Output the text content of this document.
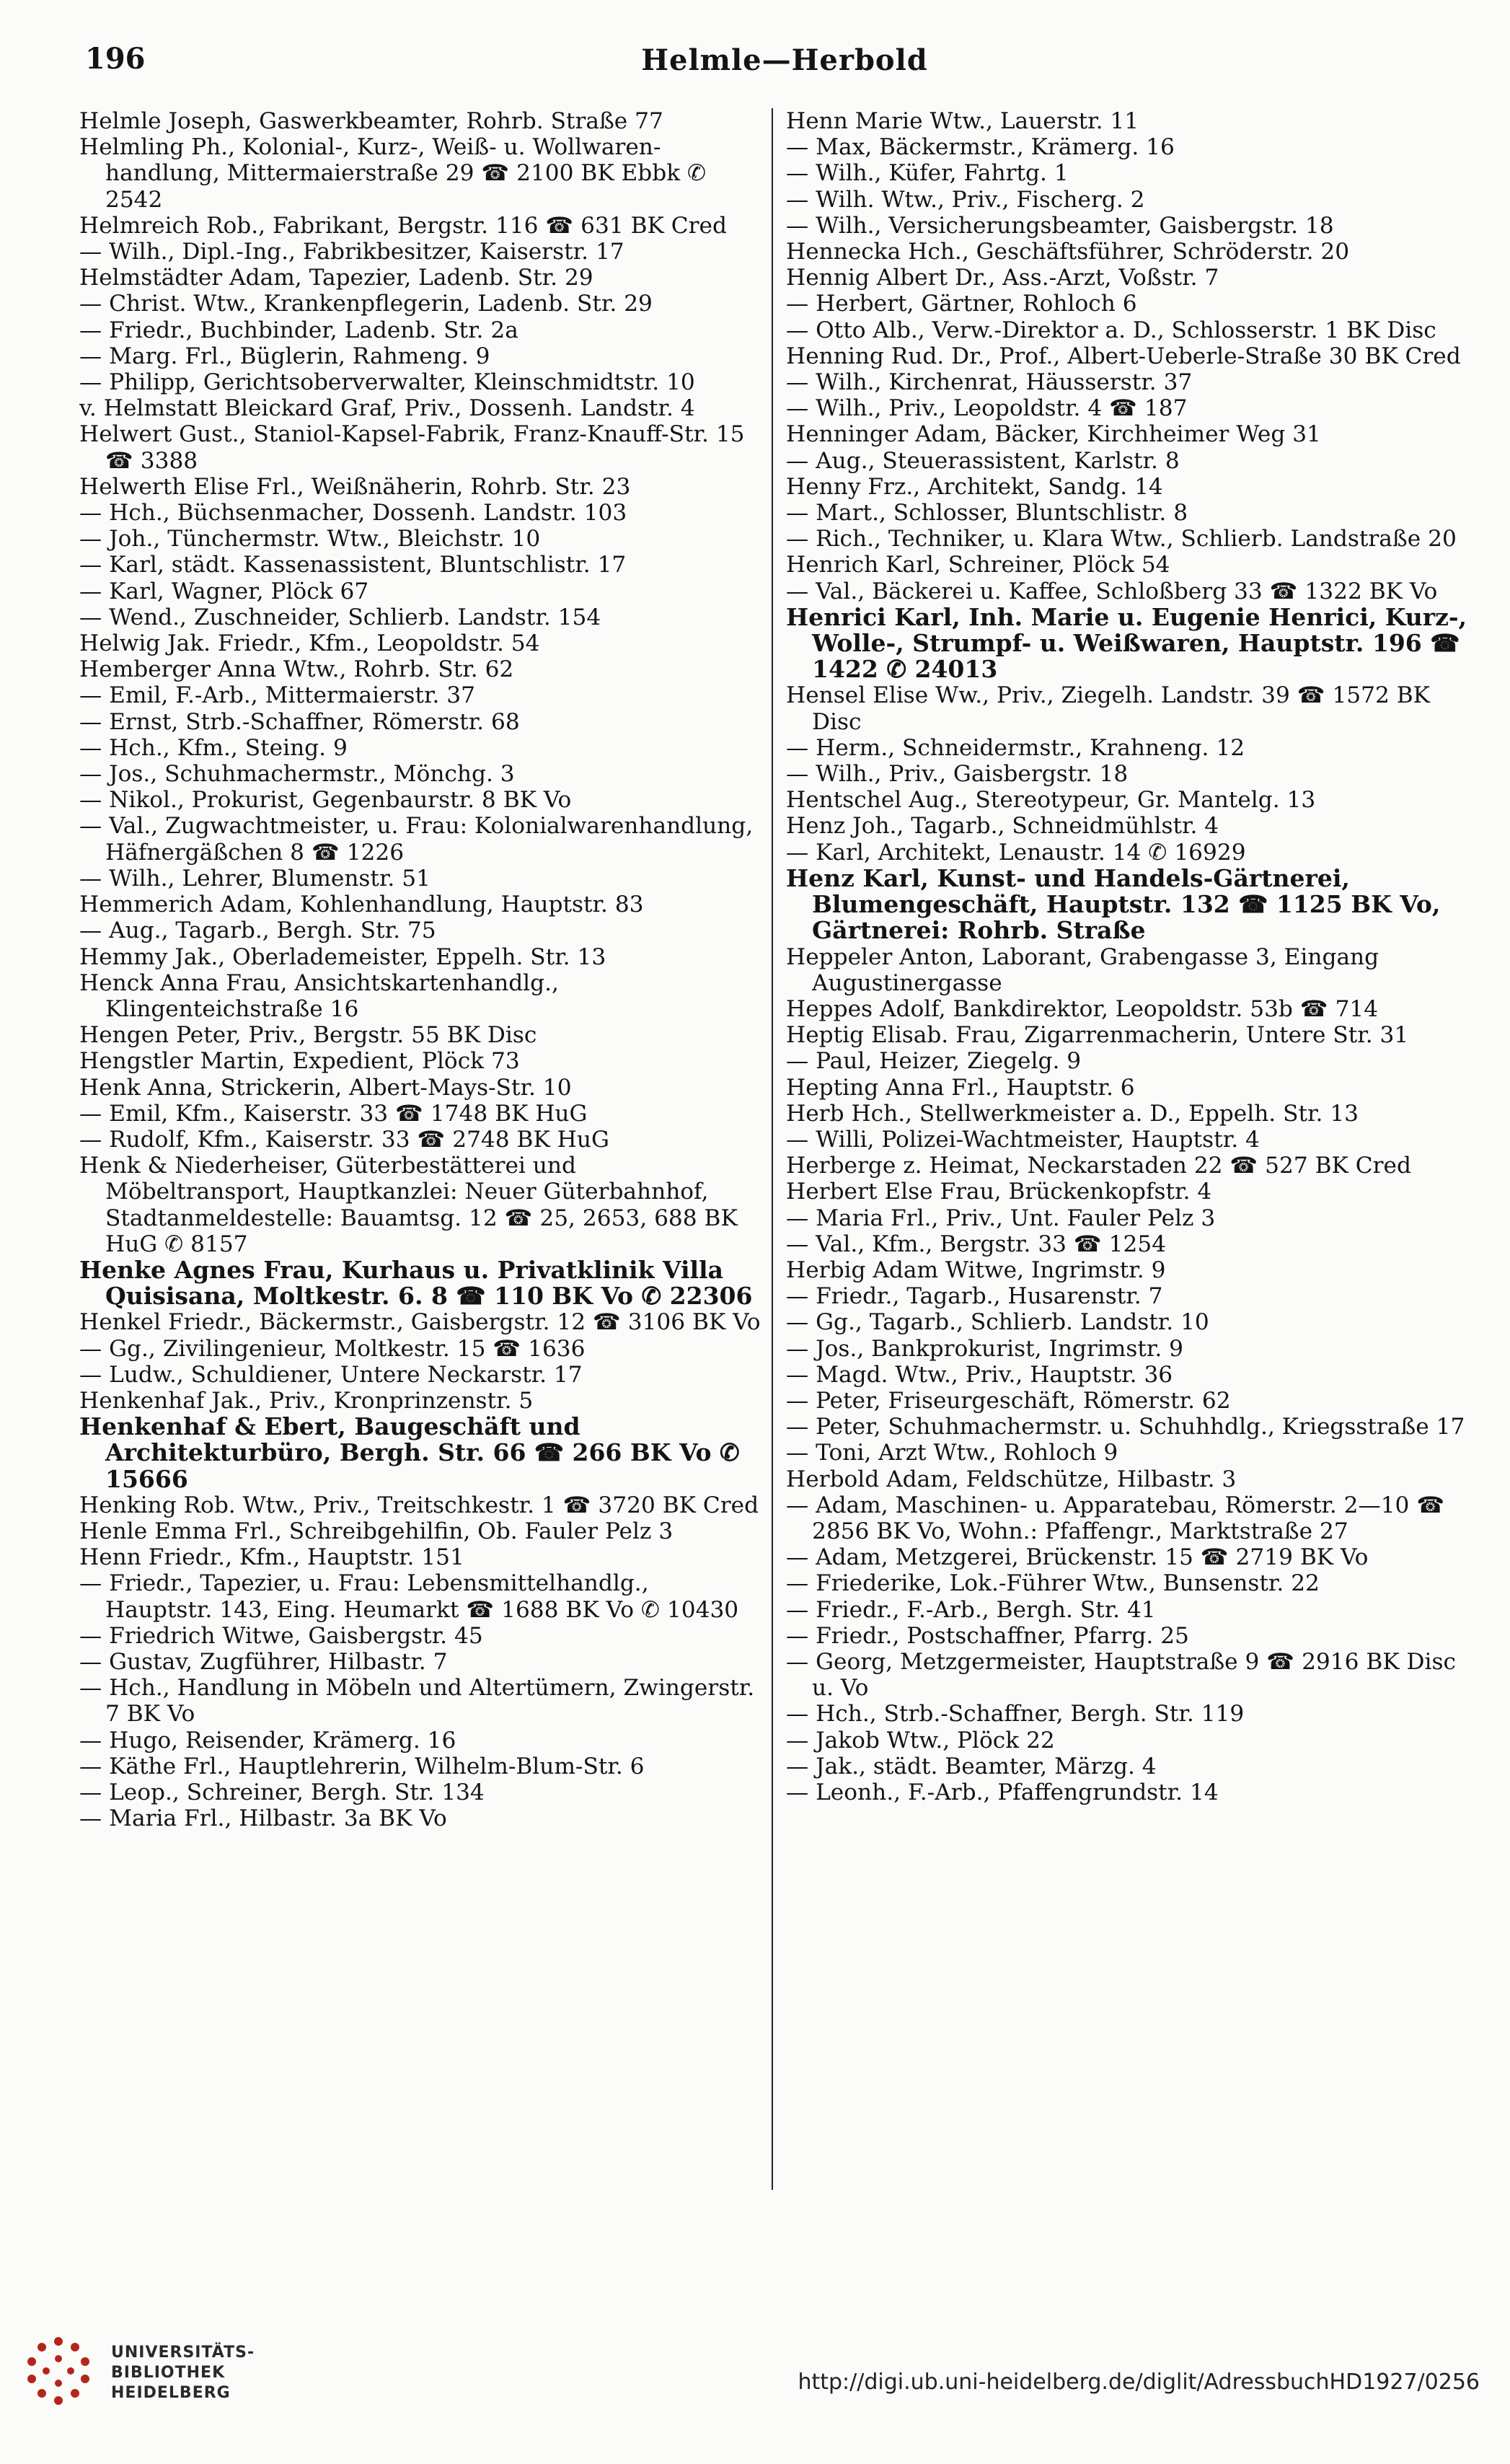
196	Helmle—Herbold
Helmle Joseph, Gaswerkbeamter, Rohrb. Straße 77
Helmling Ph., Kolonial-, Kurz-, Weiß- u. Wollwaren-handlung, Mittermaierstraße 29 ☎ 2100 BK Ebbk ✆ 2542
Helmreich Rob., Fabrikant, Bergstr. 116 ☎ 631 BK Cred
— Wilh., Dipl.-Ing., Fabrikbesitzer, Kaiserstr. 17
Helmstädter Adam, Tapezier, Ladenb. Str. 29
— Christ. Wtw., Krankenpflegerin, Ladenb. Str. 29
— Friedr., Buchbinder, Ladenb. Str. 2a
— Marg. Frl., Büglerin, Rahmeng. 9
— Philipp, Gerichtsoberverwalter, Kleinschmidtstr. 10
v. Helmstatt Bleickard Graf, Priv., Dossenh. Landstr. 4
Helwert Gust., Staniol-Kapsel-Fabrik, Franz-Knauff-Str. 15 ☎ 3388
Helwerth Elise Frl., Weißnäherin, Rohrb. Str. 23
— Hch., Büchsenmacher, Dossenh. Landstr. 103
— Joh., Tünchermstr. Wtw., Bleichstr. 10
— Karl, städt. Kassenassistent, Bluntschlistr. 17
— Karl, Wagner, Plöck 67
— Wend., Zuschneider, Schlierb. Landstr. 154
Helwig Jak. Friedr., Kfm., Leopoldstr. 54
Hemberger Anna Wtw., Rohrb. Str. 62
— Emil, F.-Arb., Mittermaierstr. 37
— Ernst, Strb.-Schaffner, Römerstr. 68
— Hch., Kfm., Steing. 9
— Jos., Schuhmachermstr., Mönchg. 3
— Nikol., Prokurist, Gegenbaurstr. 8 BK Vo
— Val., Zugwachtmeister, u. Frau: Kolonialwarenhandlung, Häfnergäßchen 8 ☎ 1226
— Wilh., Lehrer, Blumenstr. 51
Hemmerich Adam, Kohlenhandlung, Hauptstr. 83
— Aug., Tagarb., Bergh. Str. 75
Hemmy Jak., Oberlademeister, Eppelh. Str. 13
Henck Anna Frau, Ansichtskartenhandlg., Klingenteichstraße 16
Hengen Peter, Priv., Bergstr. 55 BK Disc
Hengstler Martin, Expedient, Plöck 73
Henk Anna, Strickerin, Albert-Mays-Str. 10
— Emil, Kfm., Kaiserstr. 33 ☎ 1748 BK HuG
— Rudolf, Kfm., Kaiserstr. 33 ☎ 2748 BK HuG
Henk & Niederheiser, Güterbestätterei und Möbeltransport, Hauptkanzlei: Neuer Güterbahnhof, Stadtanmeldestelle: Bauamtsg. 12 ☎ 25, 2653, 688 BK HuG ✆ 8157
Henke Agnes Frau, Kurhaus u. Privatklinik Villa Quisisana, Moltkestr. 6. 8 ☎ 110 BK Vo ✆ 22306
Henkel Friedr., Bäckermstr., Gaisbergstr. 12 ☎ 3106 BK Vo
— Gg., Zivilingenieur, Moltkestr. 15 ☎ 1636
— Ludw., Schuldiener, Untere Neckarstr. 17
Henkenhaf Jak., Priv., Kronprinzenstr. 5
Henkenhaf & Ebert, Baugeschäft und Architekturbüro, Bergh. Str. 66 ☎ 266 BK Vo ✆ 15666
Henking Rob. Wtw., Priv., Treitschkestr. 1 ☎ 3720 BK Cred
Henle Emma Frl., Schreibgehilfin, Ob. Fauler Pelz 3
Henn Friedr., Kfm., Hauptstr. 151
— Friedr., Tapezier, u. Frau: Lebensmittelhandlg., Hauptstr. 143, Eing. Heumarkt ☎ 1688 BK Vo ✆ 10430
— Friedrich Witwe, Gaisbergstr. 45
— Gustav, Zugführer, Hilbastr. 7
— Hch., Handlung in Möbeln und Altertümern, Zwingerstr. 7 BK Vo
— Hugo, Reisender, Krämerg. 16
— Käthe Frl., Hauptlehrerin, Wilhelm-Blum-Str. 6
— Leop., Schreiner, Bergh. Str. 134
— Maria Frl., Hilbastr. 3a BK Vo
Henn Marie Wtw., Lauerstr. 11
— Max, Bäckermstr., Krämerg. 16
— Wilh., Küfer, Fahrtg. 1
— Wilh. Wtw., Priv., Fischerg. 2
— Wilh., Versicherungsbeamter, Gaisbergstr. 18
Hennecka Hch., Geschäftsführer, Schröderstr. 20
Hennig Albert Dr., Ass.-Arzt, Voßstr. 7
— Herbert, Gärtner, Rohloch 6
— Otto Alb., Verw.-Direktor a. D., Schlosserstr. 1 BK Disc
Henning Rud. Dr., Prof., Albert-Ueberle-Straße 30 BK Cred
— Wilh., Kirchenrat, Häusserstr. 37
— Wilh., Priv., Leopoldstr. 4 ☎ 187
Henninger Adam, Bäcker, Kirchheimer Weg 31
— Aug., Steuerassistent, Karlstr. 8
Henny Frz., Architekt, Sandg. 14
— Mart., Schlosser, Bluntschlistr. 8
— Rich., Techniker, u. Klara Wtw., Schlierb. Landstraße 20
Henrich Karl, Schreiner, Plöck 54
— Val., Bäckerei u. Kaffee, Schloßberg 33 ☎ 1322 BK Vo
Henrici Karl, Inh. Marie u. Eugenie Henrici, Kurz-, Wolle-, Strumpf- u. Weißwaren, Hauptstr. 196 ☎ 1422 ✆ 24013
Hensel Elise Ww., Priv., Ziegelh. Landstr. 39 ☎ 1572 BK Disc
— Herm., Schneidermstr., Krahneng. 12
— Wilh., Priv., Gaisbergstr. 18
Hentschel Aug., Stereotypeur, Gr. Mantelg. 13
Henz Joh., Tagarb., Schneidmühlstr. 4
— Karl, Architekt, Lenaustr. 14 ✆ 16929
Henz Karl, Kunst- und Handels-Gärtnerei, Blumengeschäft, Hauptstr. 132 ☎ 1125 BK Vo, Gärtnerei: Rohrb. Straße
Heppeler Anton, Laborant, Grabengasse 3, Eingang Augustinergasse
Heppes Adolf, Bankdirektor, Leopoldstr. 53b ☎ 714
Heptig Elisab. Frau, Zigarrenmacherin, Untere Str. 31
— Paul, Heizer, Ziegelg. 9
Hepting Anna Frl., Hauptstr. 6
Herb Hch., Stellwerkmeister a. D., Eppelh. Str. 13
— Willi, Polizei-Wachtmeister, Hauptstr. 4
Herberge z. Heimat, Neckarstaden 22 ☎ 527 BK Cred
Herbert Else Frau, Brückenkopfstr. 4
— Maria Frl., Priv., Unt. Fauler Pelz 3
— Val., Kfm., Bergstr. 33 ☎ 1254
Herbig Adam Witwe, Ingrimstr. 9
— Friedr., Tagarb., Husarenstr. 7
— Gg., Tagarb., Schlierb. Landstr. 10
— Jos., Bankprokurist, Ingrimstr. 9
— Magd. Wtw., Priv., Hauptstr. 36
— Peter, Friseurgeschäft, Römerstr. 62
— Peter, Schuhmachermstr. u. Schuhhdlg., Kriegsstraße 17
— Toni, Arzt Wtw., Rohloch 9
Herbold Adam, Feldschütze, Hilbastr. 3
— Adam, Maschinen- u. Apparatebau, Römerstr. 2—10 ☎ 2856 BK Vo, Wohn.: Pfaffengr., Marktstraße 27
— Adam, Metzgerei, Brückenstr. 15 ☎ 2719 BK Vo
— Friederike, Lok.-Führer Wtw., Bunsenstr. 22
— Friedr., F.-Arb., Bergh. Str. 41
— Friedr., Postschaffner, Pfarrg. 25
— Georg, Metzgermeister, Hauptstraße 9 ☎ 2916 BK Disc u. Vo
— Hch., Strb.-Schaffner, Bergh. Str. 119
— Jakob Wtw., Plöck 22
— Jak., städt. Beamter, Märzg. 4
— Leonh., F.-Arb., Pfaffengrundstr. 14
UNIVERSITÄTS-
BIBLIOTHEK
HEIDELBERG	http://digi.ub.uni-heidelberg.de/diglit/AdressbuchHD1927/0256
